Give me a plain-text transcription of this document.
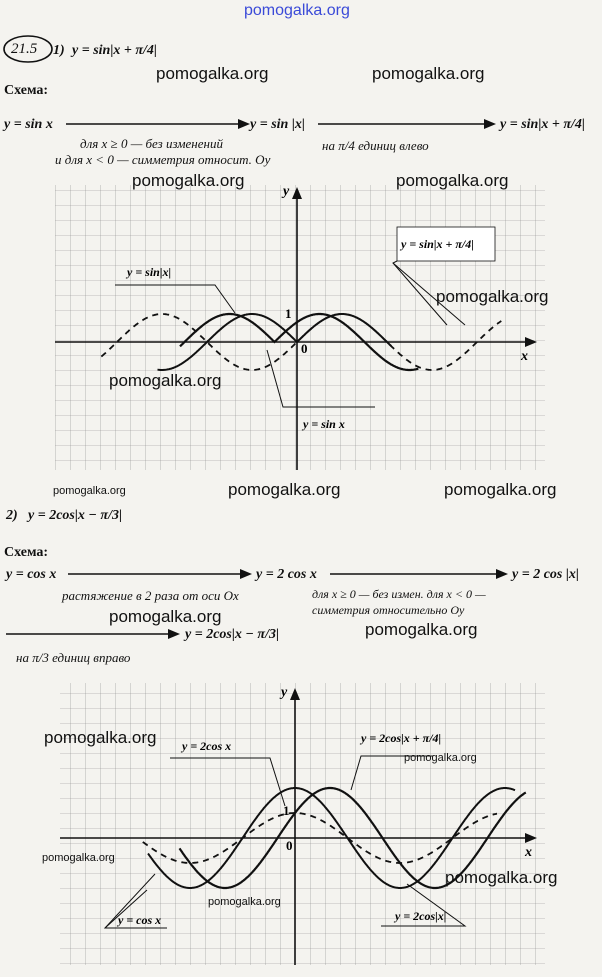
pomogalka.org
21.5 1) y = sin|x + π/4|
Схема:
y = sin x	y = sin |x|	y = sin|x + π/4|
для x ≥ 0 — без изменений
и для x < 0 — симметрия относит. Oy
на π/4 единиц влево
x
y
0
1
y = sin|x + π/4|
y = sin|x|
y = sin x
2) y = 2cos|x − π/3|
Схема:
y = cos x	y = 2 cos x	y = 2 cos |x|
растяжение в 2 раза от оси Ox	для x ≥ 0 — без измен. для x < 0 —
симметрия относительно Oy
y = 2cos|x − π/3|
на π/3 единиц вправо
x
y
0
1
y = 2cos x
y = 2cos|x + π/4|
y = cos x	y = 2cos|x|
pomogalka.org	pomogalka.org
pomogalka.org	pomogalka.org
pomogalka.org
pomogalka.org
pomogalka.org	pomogalka.org	pomogalka.org
pomogalka.org
pomogalka.org
pomogalka.org
pomogalka.org
pomogalka.org
pomogalka.org
pomogalka.org
